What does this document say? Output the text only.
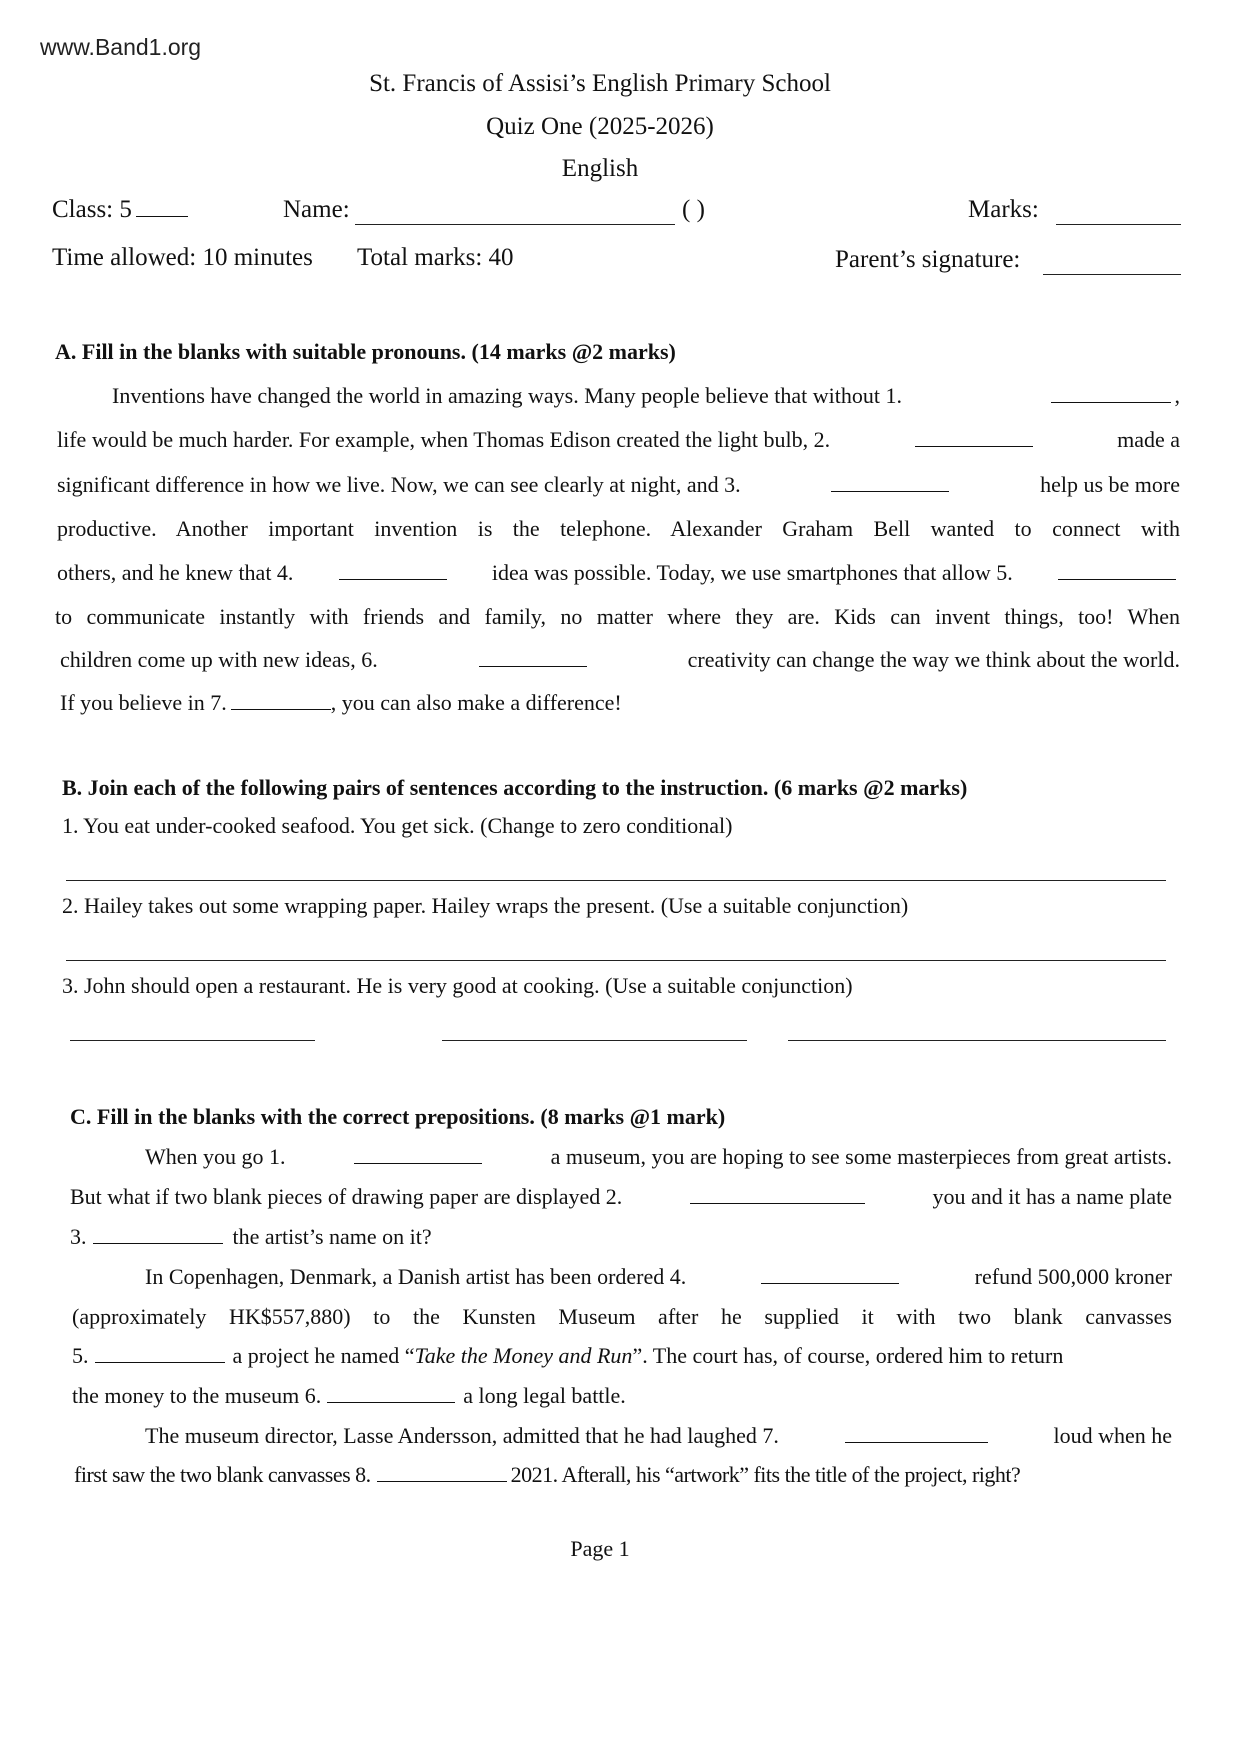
www.Band1.org
St. Francis of Assisi’s English Primary School
Quiz One (2025-2026)
English
Class: 5	Name:	( )	Marks:
Time allowed: 10 minutes Total marks: 40	Parent’s signature:
A. Fill in the blanks with suitable pronouns. (14 marks @2 marks)
Inventions have changed the world in amazing ways. Many people believe that without 1.	,
life would be much harder. For example, when Thomas Edison created the light bulb, 2.	made a
significant difference in how we live. Now, we can see clearly at night, and 3.	help us be more
productive. Another important invention is the telephone. Alexander Graham Bell wanted to connect with
others, and he knew that 4.	idea was possible. Today, we use smartphones that allow 5.
to communicate instantly with friends and family, no matter where they are. Kids can invent things, too! When
children come up with new ideas, 6.	creativity can change the way we think about the world.
If you believe in 7.	, you can also make a difference!
B. Join each of the following pairs of sentences according to the instruction. (6 marks @2 marks)
1. You eat under-cooked seafood. You get sick. (Change to zero conditional)
2. Hailey takes out some wrapping paper. Hailey wraps the present. (Use a suitable conjunction)
3. John should open a restaurant. He is very good at cooking. (Use a suitable conjunction)
C. Fill in the blanks with the correct prepositions. (8 marks @1 mark)
When you go 1.	a museum, you are hoping to see some masterpieces from great artists.
But what if two blank pieces of drawing paper are displayed 2.	you and it has a name plate
3.	the artist’s name on it?
In Copenhagen, Denmark, a Danish artist has been ordered 4.	refund 500,000 kroner
(approximately HK$557,880) to the Kunsten Museum after he supplied it with two blank canvasses
5.	a project he named “Take the Money and Run”. The court has, of course, ordered him to return
the money to the museum 6.	a long legal battle.
The museum director, Lasse Andersson, admitted that he had laughed 7.	loud when he
first saw the two blank canvasses 8.	2021. Afterall, his “artwork” fits the title of the project, right?
Page 1
